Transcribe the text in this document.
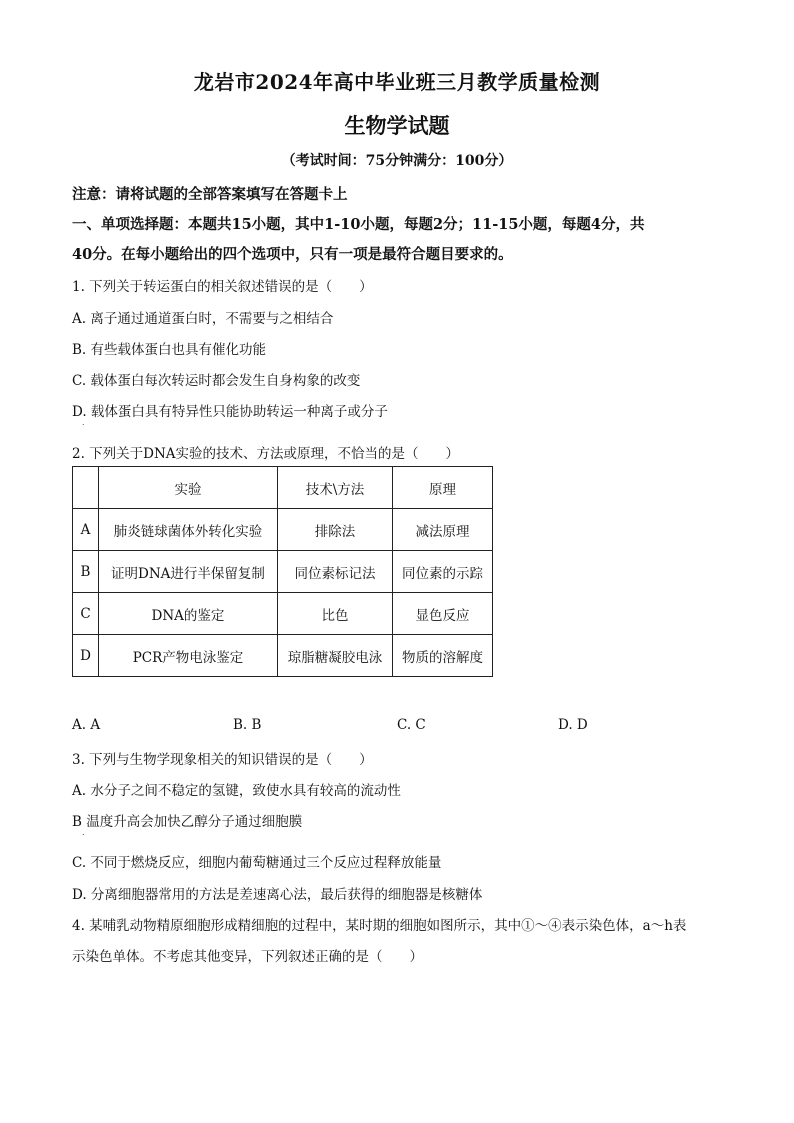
龙岩市2024年高中毕业班三月教学质量检测
生物学试题
（考试时间：75分钟满分：100分）
注意：请将试题的全部答案填写在答题卡上
一、单项选择题：本题共15小题，其中1-10小题，每题2分；11-15小题，每题4分，共
40分。在每小题给出的四个选项中，只有一项是最符合题目要求的。
1. 下列关于转运蛋白的相关叙述错误的是（　　）
A. 离子通过通道蛋白时，不需要与之相结合
B. 有些载体蛋白也具有催化功能
C. 载体蛋白每次转运时都会发生自身构象的改变
D. 载体蛋白具有特异性只能协助转运一种离子或分子
.
2. 下列关于DNA实验的技术、方法或原理，不恰当的是（　　）
	实验	技术\方法	原理
A	肺炎链球菌体外转化实验	排除法	减法原理
B	证明DNA进行半保留复制	同位素标记法	同位素的示踪
C	DNA的鉴定	比色	显色反应
D	PCR产物电泳鉴定	琼脂糖凝胶电泳	物质的溶解度
A. A	B. B	C. C	D. D
3. 下列与生物学现象相关的知识错误的是（　　）
A. 水分子之间不稳定的氢键，致使水具有较高的流动性
B 温度升高会加快乙醇分子通过细胞膜
.
C. 不同于燃烧反应，细胞内葡萄糖通过三个反应过程释放能量
D. 分离细胞器常用的方法是差速离心法，最后获得的细胞器是核糖体
4. 某哺乳动物精原细胞形成精细胞的过程中，某时期的细胞如图所示，其中①～④表示染色体，a～h表
示染色单体。不考虑其他变异，下列叙述正确的是（　　）
